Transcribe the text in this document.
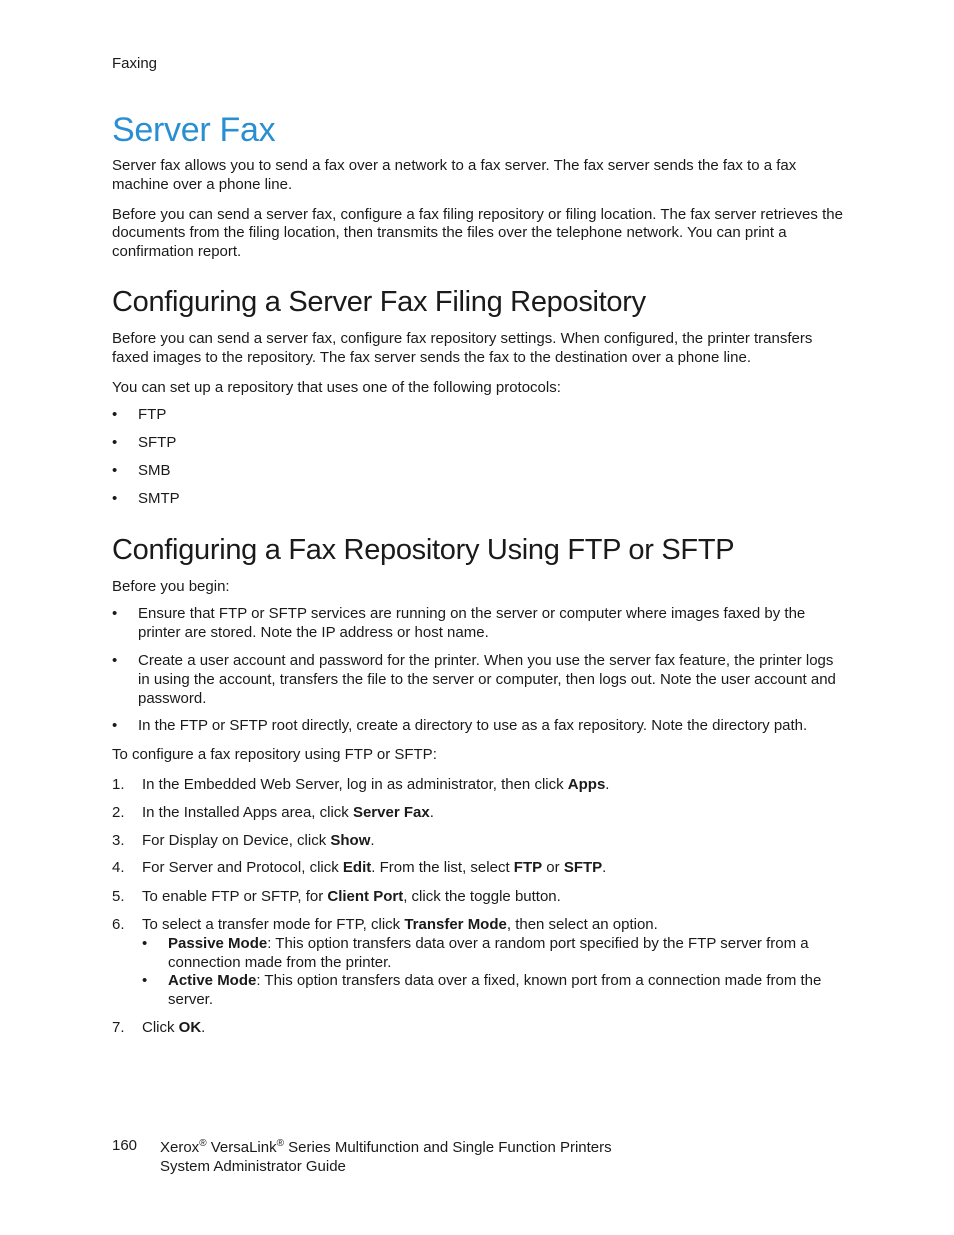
Faxing
Server Fax

Server fax allows you to send a fax over a network to a fax server. The fax server sends the fax to a fax machine over a phone line.

Before you can send a server fax, configure a fax filing repository or filing location. The fax server retrieves the documents from the filing location, then transmits the files over the telephone network. You can print a confirmation report.

Configuring a Server Fax Filing Repository

Before you can send a server fax, configure fax repository settings. When configured, the printer transfers faxed images to the repository. The fax server sends the fax to the destination over a phone line.

You can set up a repository that uses one of the following protocols:

• FTP
• SFTP
• SMB
• SMTP
Configuring a Fax Repository Using FTP or SFTP

Before you begin:

• Ensure that FTP or SFTP services are running on the server or computer where images faxed by the printer are stored. Note the IP address or host name.
• Create a user account and password for the printer. When you use the server fax feature, the printer logs in using the account, transfers the file to the server or computer, then logs out. Note the user account and password.
• In the FTP or SFTP root directly, create a directory to use as a fax repository. Note the directory path.

To configure a fax repository using FTP or SFTP:

1. In the Embedded Web Server, log in as administrator, then click Apps.
2. In the Installed Apps area, click Server Fax.
3. For Display on Device, click Show.
4. For Server and Protocol, click Edit. From the list, select FTP or SFTP.
5. To enable FTP or SFTP, for Client Port, click the toggle button.
6. To select a transfer mode for FTP, click Transfer Mode, then select an option.
• Passive Mode: This option transfers data over a random port specified by the FTP server from a connection made from the printer.
• Active Mode: This option transfers data over a fixed, known port from a connection made from the server.
7. Click OK.
160 Xerox® VersaLink® Series Multifunction and Single Function Printers
System Administrator Guide
